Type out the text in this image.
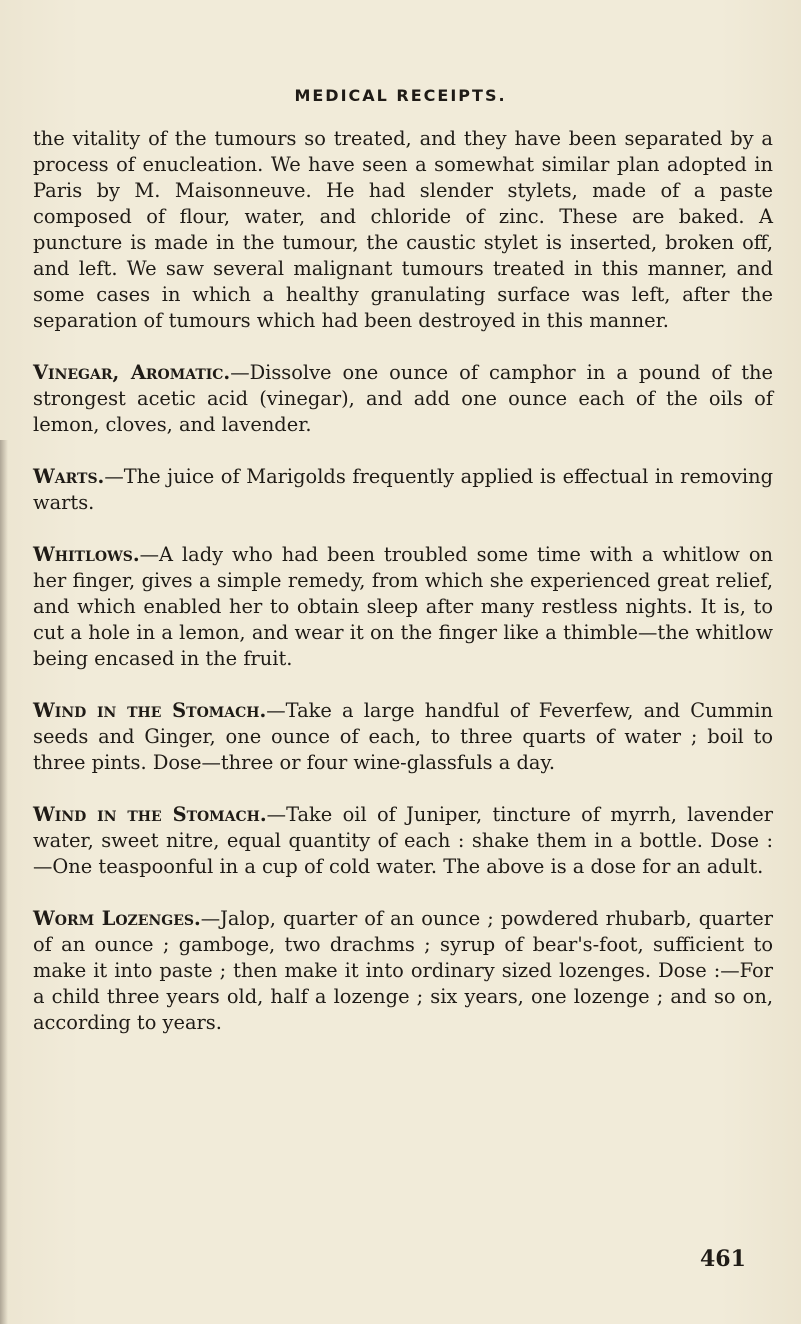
MEDICAL RECEIPTS.

the vitality of the tumours so treated, and they have been separated by a process of enucleation. We have seen a somewhat similar plan adopted in Paris by M. Maisonneuve. He had slender stylets, made of a paste composed of flour, water, and chloride of zinc. These are baked. A puncture is made in the tumour, the caustic stylet is inserted, broken off, and left. We saw several malignant tumours treated in this manner, and some cases in which a healthy granulating surface was left, after the separation of tumours which had been destroyed in this manner.

Vinegar, Aromatic.—Dissolve one ounce of camphor in a pound of the strongest acetic acid (vinegar), and add one ounce each of the oils of lemon, cloves, and lavender.

Warts.—The juice of Marigolds frequently applied is effectual in removing warts.

Whitlows.—A lady who had been troubled some time with a whitlow on her finger, gives a simple remedy, from which she experienced great relief, and which enabled her to obtain sleep after many restless nights. It is, to cut a hole in a lemon, and wear it on the finger like a thimble—the whitlow being encased in the fruit.

Wind in the Stomach.—Take a large handful of Feverfew, and Cummin seeds and Ginger, one ounce of each, to three quarts of water ; boil to three pints. Dose—three or four wine-glassfuls a day.

Wind in the Stomach.—Take oil of Juniper, tincture of myrrh, lavender water, sweet nitre, equal quantity of each : shake them in a bottle. Dose :—One teaspoonful in a cup of cold water. The above is a dose for an adult.

Worm Lozenges.—Jalop, quarter of an ounce ; powdered rhubarb, quarter of an ounce ; gamboge, two drachms ; syrup of bear's-foot, sufficient to make it into paste ; then make it into ordinary sized lozenges. Dose :—For a child three years old, half a lozenge ; six years, one lozenge ; and so on, according to years.

461
